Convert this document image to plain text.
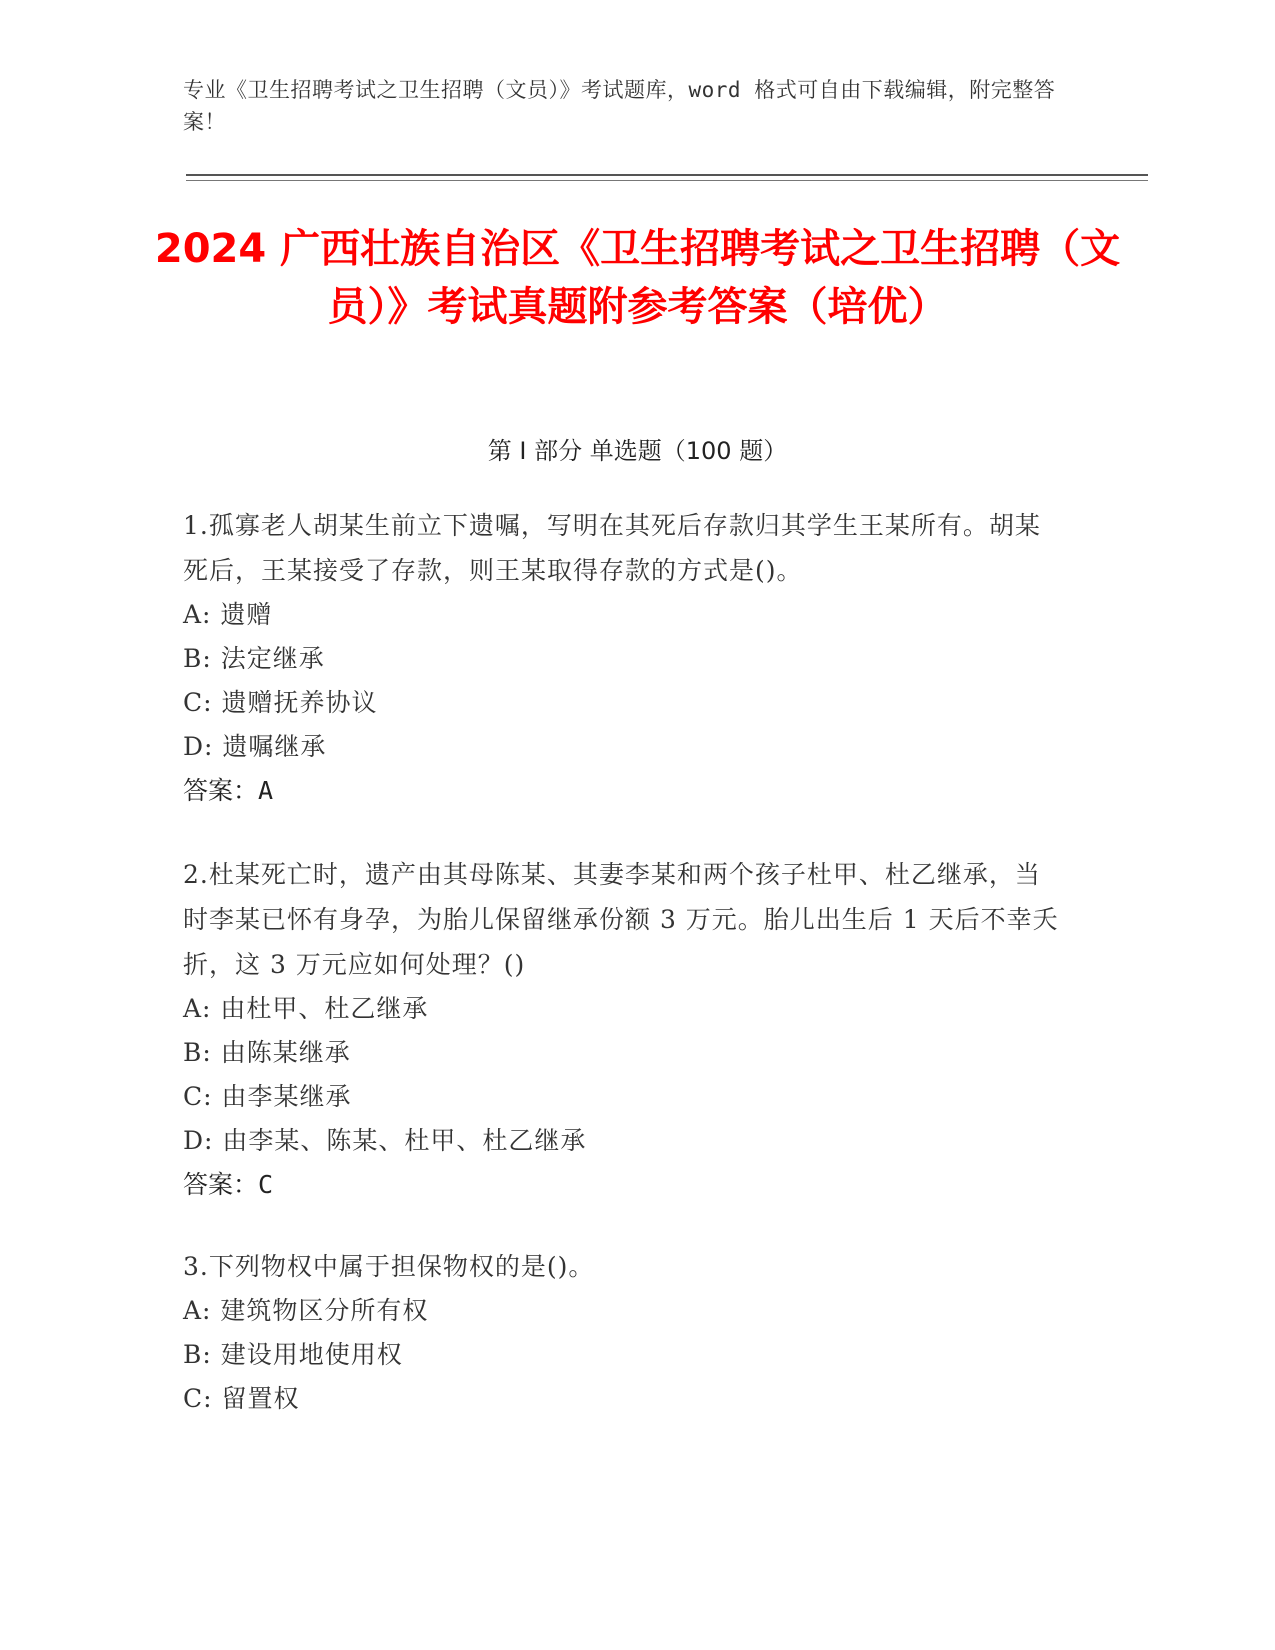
专业《卫生招聘考试之卫生招聘（文员）》考试题库，word 格式可自由下载编辑，附完整答案！
2024 广西壮族自治区《卫生招聘考试之卫生招聘（文员）》考试真题附参考答案（培优）
第 I 部分 单选题（100 题）
1.孤寡老人胡某生前立下遗嘱，写明在其死后存款归其学生王某所有。胡某死后，王某接受了存款，则王某取得存款的方式是()。
A: 遗赠
B: 法定继承
C: 遗赠抚养协议
D: 遗嘱继承
答案：A
2.杜某死亡时，遗产由其母陈某、其妻李某和两个孩子杜甲、杜乙继承，当时李某已怀有身孕，为胎儿保留继承份额 3 万元。胎儿出生后 1 天后不幸夭折，这 3 万元应如何处理？()
A: 由杜甲、杜乙继承
B: 由陈某继承
C: 由李某继承
D: 由李某、陈某、杜甲、杜乙继承
答案：C
3.下列物权中属于担保物权的是()。
A: 建筑物区分所有权
B: 建设用地使用权
C: 留置权
